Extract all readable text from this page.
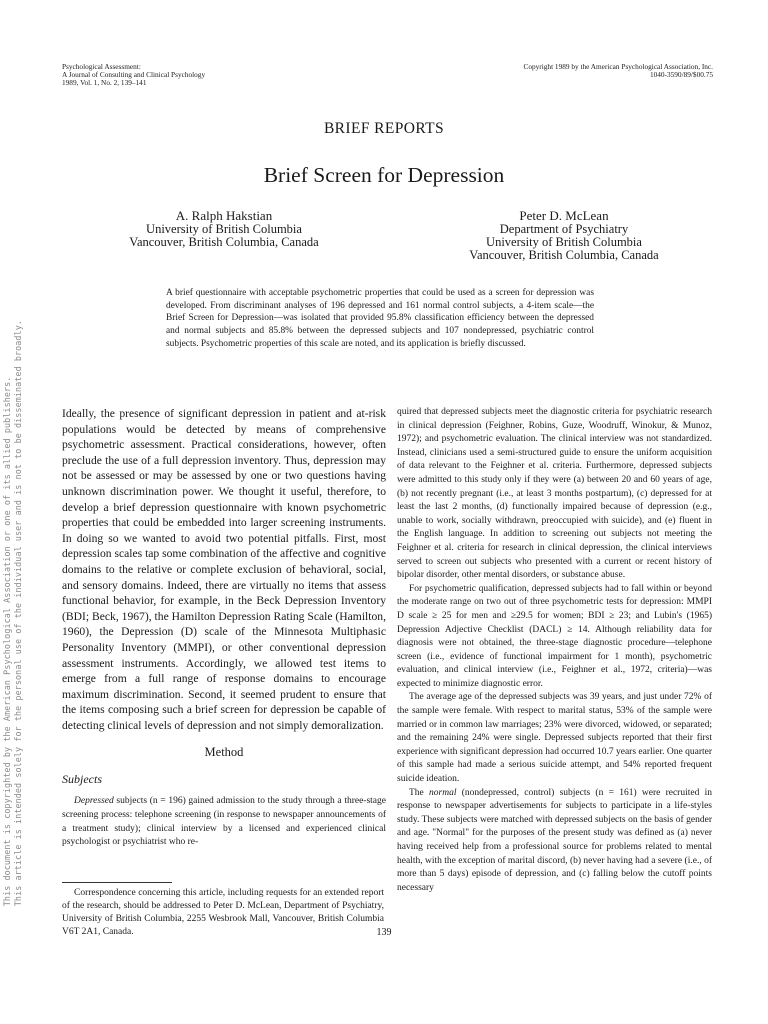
This document is copyrighted by the American Psychological Association or one of its allied publishers. This article is intended solely for the personal use of the individual user and is not to be disseminated broadly.
Psychological Assessment:
A Journal of Consulting and Clinical Psychology
1989, Vol. 1, No. 2, 139–141
Copyright 1989 by the American Psychological Association, Inc.
1040-3590/89/$00.75
BRIEF REPORTS
Brief Screen for Depression
A. Ralph Hakstian
University of British Columbia
Vancouver, British Columbia, Canada
Peter D. McLean
Department of Psychiatry
University of British Columbia
Vancouver, British Columbia, Canada
A brief questionnaire with acceptable psychometric properties that could be used as a screen for depression was developed. From discriminant analyses of 196 depressed and 161 normal control subjects, a 4-item scale—the Brief Screen for Depression—was isolated that provided 95.8% classification efficiency between the depressed and normal subjects and 85.8% between the depressed subjects and 107 nondepressed, psychiatric control subjects. Psychometric properties of this scale are noted, and its application is briefly discussed.

Ideally, the presence of significant depression in patient and at-risk populations would be detected by means of comprehensive psychometric assessment. Practical considerations, however, often preclude the use of a full depression inventory. Thus, depression may not be assessed or may be assessed by one or two questions having unknown discrimination power. We thought it useful, therefore, to develop a brief depression questionnaire with known psychometric properties that could be embedded into larger screening instruments. In doing so we wanted to avoid two potential pitfalls. First, most depression scales tap some combination of the affective and cognitive domains to the relative or complete exclusion of behavioral, social, and sensory domains. Indeed, there are virtually no items that assess functional behavior, for example, in the Beck Depression Inventory (BDI; Beck, 1967), the Hamilton Depression Rating Scale (Hamilton, 1960), the Depression (D) scale of the Minnesota Multiphasic Personality Inventory (MMPI), or other conventional depression assessment instruments. Accordingly, we allowed test items to emerge from a full range of response domains to encourage maximum discrimination. Second, it seemed prudent to ensure that the items composing such a brief screen for depression be capable of detecting clinical levels of depression and not simply demoralization.

Method
Subjects

Depressed subjects (n = 196) gained admission to the study through a three-stage screening process: telephone screening (in response to newspaper announcements of a treatment study); clinical interview by a licensed and experienced clinical psychologist or psychiatrist who re-

Correspondence concerning this article, including requests for an extended report of the research, should be addressed to Peter D. McLean, Department of Psychiatry, University of British Columbia, 2255 Wesbrook Mall, Vancouver, British Columbia V6T 2A1, Canada.

quired that depressed subjects meet the diagnostic criteria for psychiatric research in clinical depression (Feighner, Robins, Guze, Woodruff, Winokur, & Munoz, 1972); and psychometric evaluation. The clinical interview was not standardized. Instead, clinicians used a semi-structured guide to ensure the uniform acquisition of data relevant to the Feighner et al. criteria. Furthermore, depressed subjects were admitted to this study only if they were (a) between 20 and 60 years of age, (b) not recently pregnant (i.e., at least 3 months postpartum), (c) depressed for at least the last 2 months, (d) functionally impaired because of depression (e.g., unable to work, socially withdrawn, preoccupied with suicide), and (e) fluent in the English language. In addition to screening out subjects not meeting the Feighner et al. criteria for research in clinical depression, the clinical interviews served to screen out subjects who presented with a current or recent history of bipolar disorder, other mental disorders, or substance abuse.

For psychometric qualification, depressed subjects had to fall within or beyond the moderate range on two out of three psychometric tests for depression: MMPI D scale ≥ 25 for men and ≥29.5 for women; BDI ≥ 23; and Lubin's (1965) Depression Adjective Checklist (DACL) ≥ 14. Although reliability data for diagnosis were not obtained, the three-stage diagnostic procedure—telephone screen (i.e., evidence of functional impairment for 1 month), psychometric evaluation, and clinical interview (i.e., Feighner et al., 1972, criteria)—was expected to minimize diagnostic error.

The average age of the depressed subjects was 39 years, and just under 72% of the sample were female. With respect to marital status, 53% of the sample were married or in common law marriages; 23% were divorced, widowed, or separated; and the remaining 24% were single. Depressed subjects reported that their first experience with significant depression had occurred 10.7 years earlier. One quarter of this sample had made a serious suicide attempt, and 54% reported frequent suicide ideation.

The normal (nondepressed, control) subjects (n = 161) were recruited in response to newspaper advertisements for subjects to participate in a life-styles study. These subjects were matched with depressed subjects on the basis of gender and age. "Normal" for the purposes of the present study was defined as (a) never having received help from a professional source for problems related to mental health, with the exception of marital discord, (b) never having had a severe (i.e., of more than 5 days) episode of depression, and (c) falling below the cutoff points necessary

139
